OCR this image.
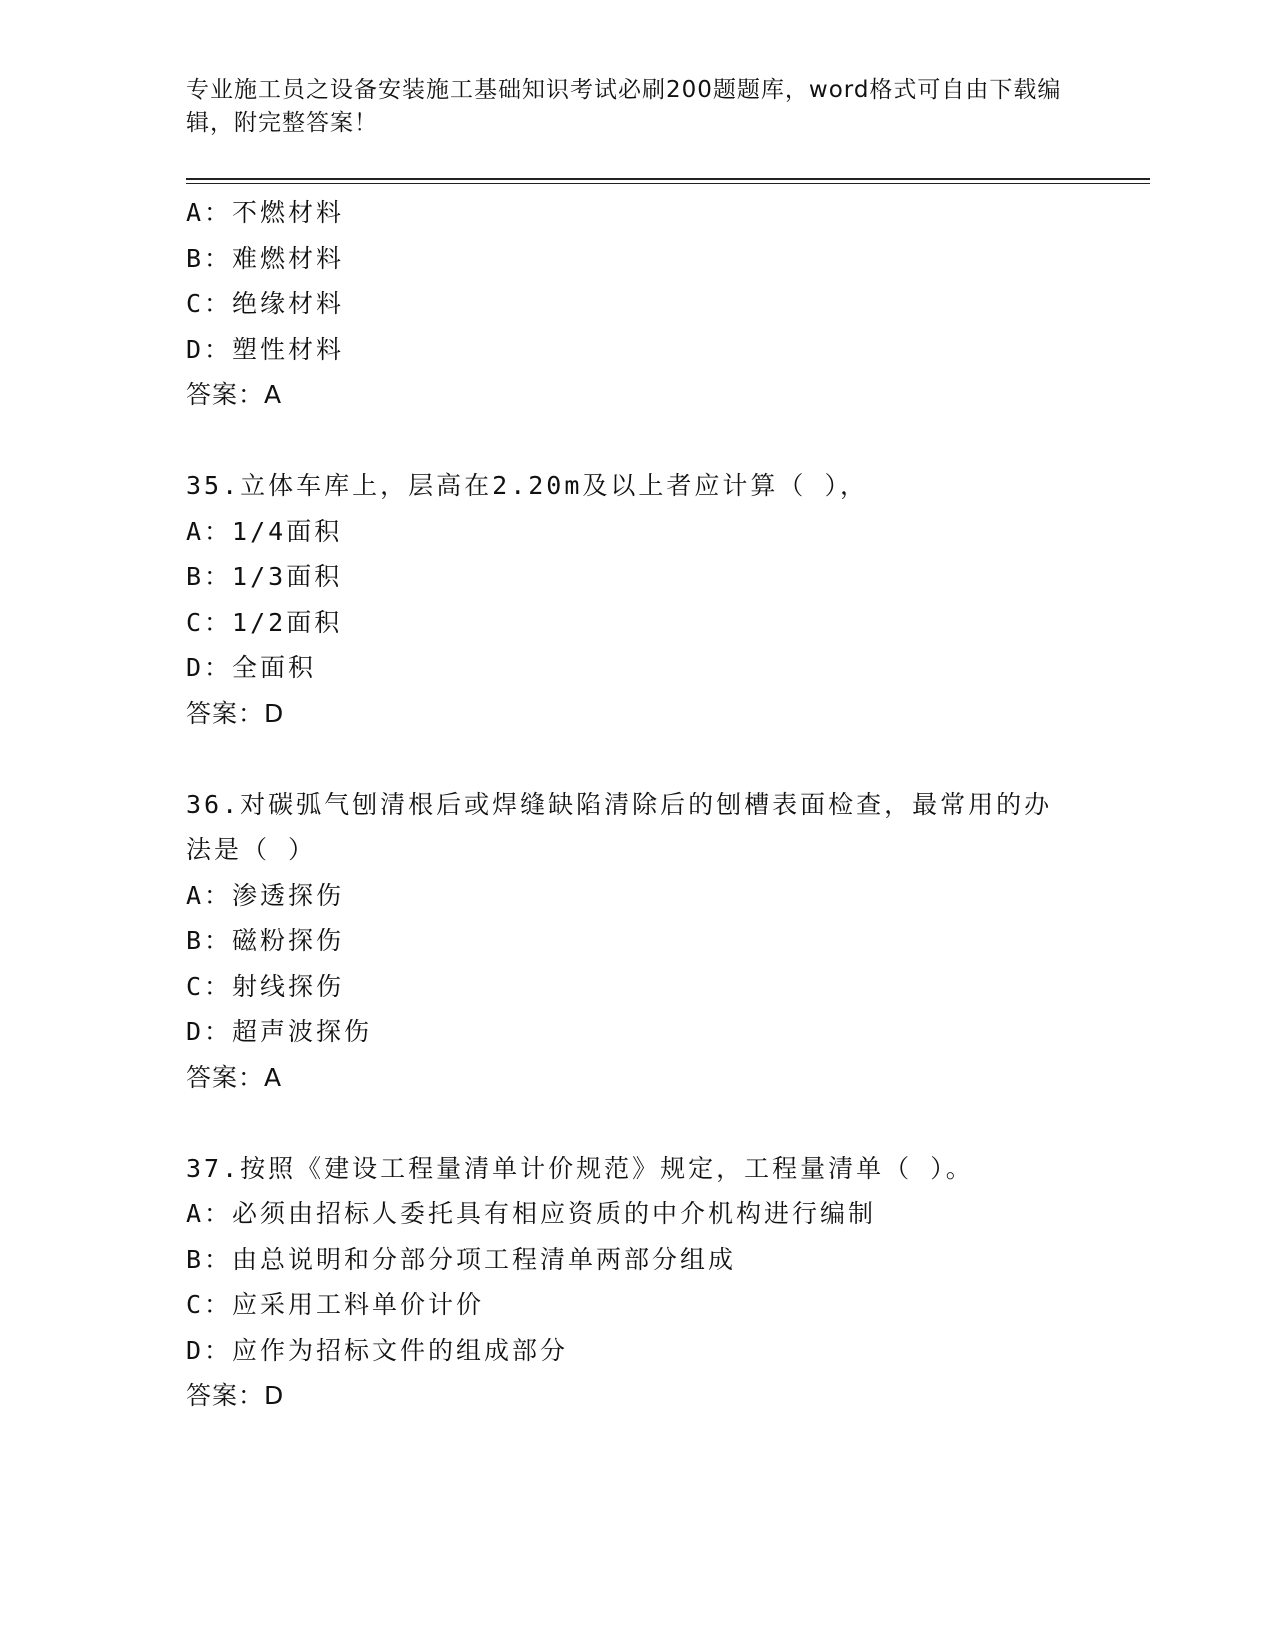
专业施工员之设备安装施工基础知识考试必刷200题题库，word格式可自由下载编辑，附完整答案！
A：不燃材料
B：难燃材料
C：绝缘材料
D：塑性材料
答案：A
35.立体车库上，层高在2.20m及以上者应计算（ ），
A：1/4面积
B：1/3面积
C：1/2面积
D：全面积
答案：D
36.对碳弧气刨清根后或焊缝缺陷清除后的刨槽表面检查，最常用的办法是（ ）
A：渗透探伤
B：磁粉探伤
C：射线探伤
D：超声波探伤
答案：A
37.按照《建设工程量清单计价规范》规定，工程量清单（ ）。
A：必须由招标人委托具有相应资质的中介机构进行编制
B：由总说明和分部分项工程清单两部分组成
C：应采用工料单价计价
D：应作为招标文件的组成部分
答案：D
